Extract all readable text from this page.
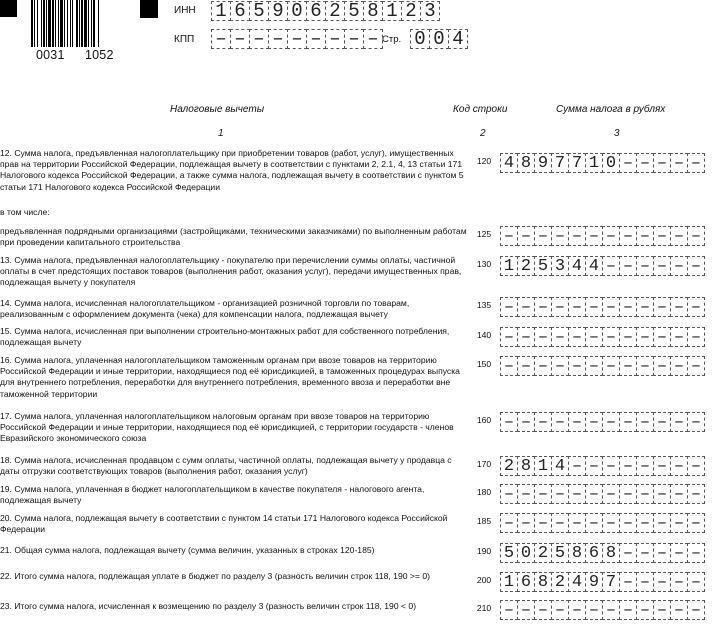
0031 1052
ИНН 1 6 5 9 0 6 2 5 8 1 2 3
КПП – – – – – – – – – Стр. 0 0 4
Налоговые вычеты	Код строки	Сумма налога в рублях
1	2	3
12. Сумма налога, предъявленная налогоплательщику при приобретении товаров (работ, услуг), имущественных прав на территории Российской Федерации, подлежащая вычету в соответствии с пунктами 2, 2.1, 4, 13 статьи 171 Налогового кодекса Российской Федерации, а также сумма налога, подлежащая вычету в соответствии с пунктом 5 статьи 171 Налогового кодекса Российской Федерации
120 4 8 9 7 7 1 0 – – – – –
в том числе:
предъявленная подрядными организациями (застройщиками, техническими заказчиками) по выполненным работам при проведении капитального строительства
125 – – – – – – – – – – – –
13. Сумма налога, предъявленная налогоплательщику - покупателю при перечислении суммы оплаты, частичной оплаты в счет предстоящих поставок товаров (выполнения работ, оказания услуг), передачи имущественных прав, подлежащая вычету у покупателя
130 1 2 5 3 4 4 – – – – – –
14. Сумма налога, исчисленная налогоплательщиком - организацией розничной торговли по товарам, реализованным с оформлением документа (чека) для компенсации налога, подлежащая вычету
135 – – – – – – – – – – – –
15. Сумма налога, исчисленная при выполнении строительно-монтажных работ для собственного потребления, подлежащая вычету
140 – – – – – – – – – – – –
16. Сумма налога, уплаченная налогоплательщиком таможенным органам при ввозе товаров на территорию Российской Федерации и иные территории, находящиеся под её юрисдикцией, в таможенных процедурах выпуска для внутреннего потребления, переработки для внутреннего потребления, временного ввоза и переработки вне таможенной территории
150 – – – – – – – – – – – –
17. Сумма налога, уплаченная налогоплательщиком налоговым органам при ввозе товаров на территорию Российской Федерации и иные территории, находящиеся под её юрисдикцией, с территории государств - членов Евразийского экономического союза
160 – – – – – – – – – – – –
18. Сумма налога, исчисленная продавцом с сумм оплаты, частичной оплаты, подлежащая вычету у продавца с даты отгрузки соответствующих товаров (выполнения работ, оказания услуг)
170 2 8 1 4 – – – – – – – –
19. Сумма налога, уплаченная в бюджет налогоплательщиком в качестве покупателя - налогового агента, подлежащая вычету
180 – – – – – – – – – – – –
20. Сумма налога, подлежащая вычету в соответствии с пунктом 14 статьи 171 Налогового кодекса Российской Федерации
185 – – – – – – – – – – – –
21. Общая сумма налога, подлежащая вычету (сумма величин, указанных в строках 120-185)	190 5 0 2 5 8 6 8 – – – – –
22. Итого сумма налога, подлежащая уплате в бюджет по разделу 3 (разность величин строк 118, 190 >= 0)	200 1 6 8 2 4 9 7 – – – – –
23. Итого сумма налога, исчисленная к возмещению по разделу 3 (разность величин строк 118, 190 < 0)	210 – – – – – – – – – – – –
